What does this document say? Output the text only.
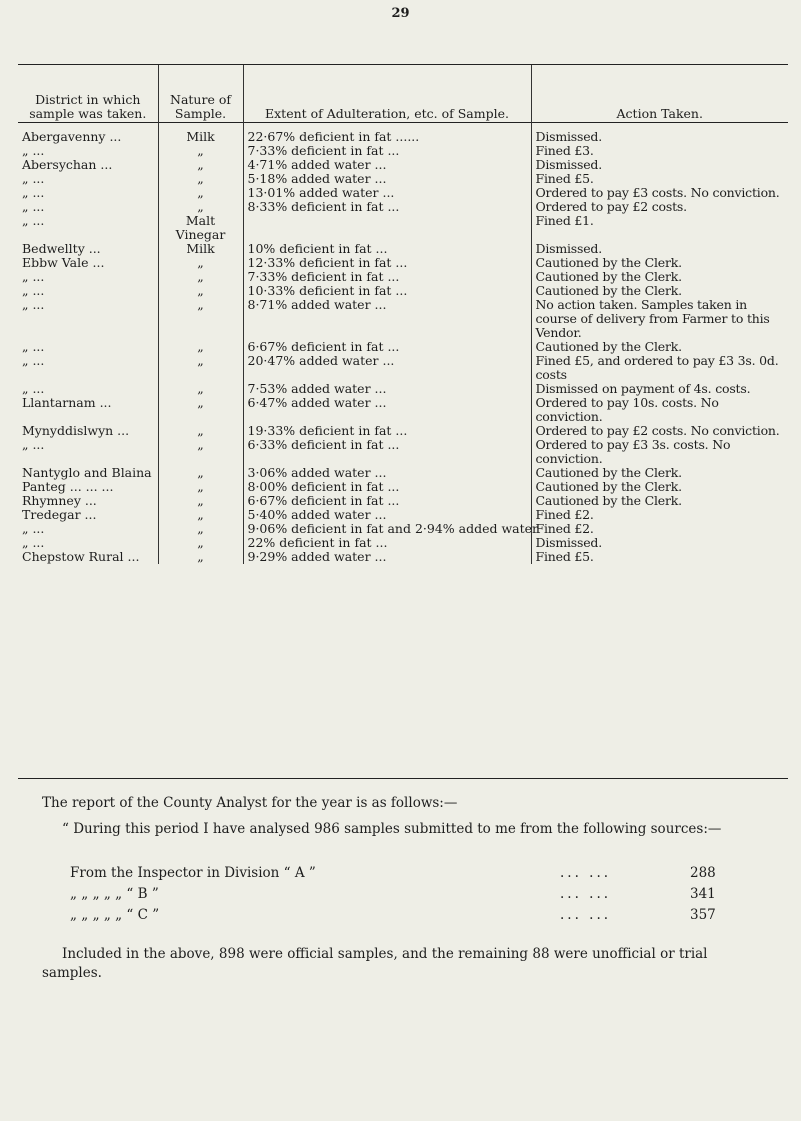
29
District in which sample was taken.	Nature of Sample.	Extent of Adulteration, etc. of Sample.	Action Taken.
Abergavenny ...	Milk	22·67% deficient in fat ......	Dismissed.
„ ...	„	7·33% deficient in fat ...	Fined £3.
Abersychan ...	„	4·71% added water ...	Dismissed.
„ ...	„	5·18% added water ...	Fined £5.
„ ...	„	13·01% added water ...	Ordered to pay £3 costs. No conviction.
„ ...	„	8·33% deficient in fat ...	Ordered to pay £2 costs.
„ ...	Malt Vinegar		Fined £1.
Bedwellty ...	Milk	10% deficient in fat ...	Dismissed.
Ebbw Vale ...	„	12·33% deficient in fat ...	Cautioned by the Clerk.
„ ...	„	7·33% deficient in fat ...	Cautioned by the Clerk.
„ ...	„	10·33% deficient in fat ...	Cautioned by the Clerk.
„ ...	„	8·71% added water ...	No action taken. Samples taken in course of delivery from Farmer to this Vendor.
„ ...	„	6·67% deficient in fat ...	Cautioned by the Clerk.
„ ...	„	20·47% added water ...	Fined £5, and ordered to pay £3 3s. 0d. costs
„ ...	„	7·53% added water ...	Dismissed on payment of 4s. costs.
Llantarnam ...	„	6·47% added water ...	Ordered to pay 10s. costs. No conviction.
Mynyddislwyn ...	„	19·33% deficient in fat ...	Ordered to pay £2 costs. No conviction.
„ ...	„	6·33% deficient in fat ...	Ordered to pay £3 3s. costs. No conviction.
Nantyglo and Blaina	„	3·06% added water ...	Cautioned by the Clerk.
Panteg ... ... ...	„	8·00% deficient in fat ...	Cautioned by the Clerk.
Rhymney ...	„	6·67% deficient in fat ...	Cautioned by the Clerk.
Tredegar ...	„	5·40% added water ...	Fined £2.
„ ...	„	9·06% deficient in fat and 2·94% added water	Fined £2.
„ ...	„	22% deficient in fat ...	Dismissed.
Chepstow Rural ...	„	9·29% added water ...	Fined £5.
The report of the County Analyst for the year is as follows:—
“ During this period I have analysed 986 samples submitted to me from the following sources:—
From the Inspector in Division “ A ”	... ...	288
„ „ „ „ „ “ B ”	... ...	341
„ „ „ „ „ “ C ”	... ...	357
Included in the above, 898 were official samples, and the remaining 88 were unofficial or trial samples.
